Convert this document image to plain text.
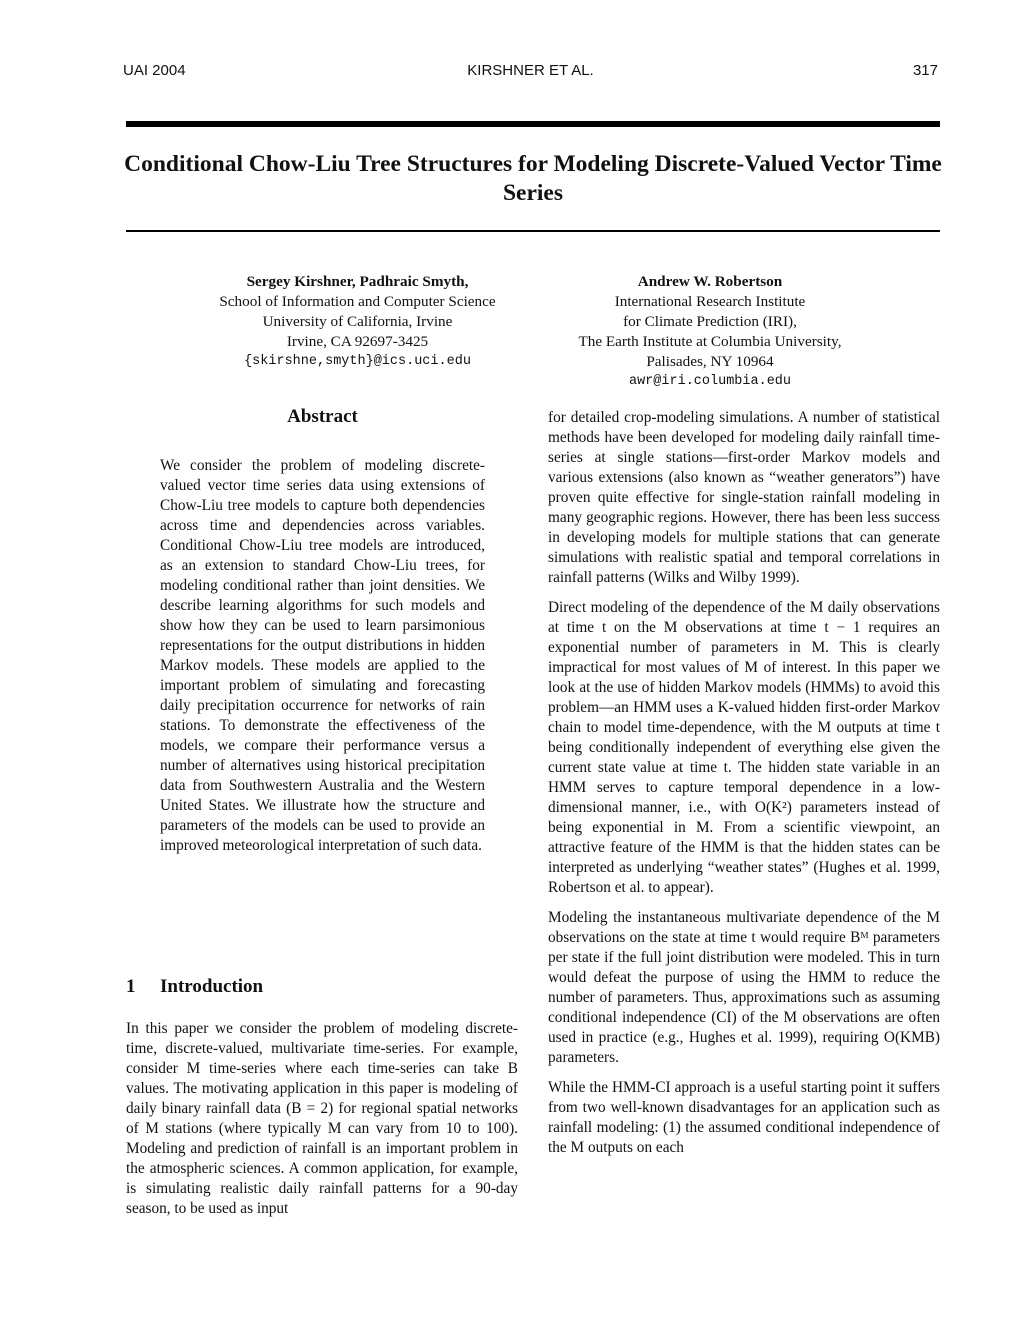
UAI 2004	KIRSHNER ET AL.	317
Conditional Chow-Liu Tree Structures for Modeling Discrete-Valued Vector Time Series
Sergey Kirshner, Padhraic Smyth,
School of Information and Computer Science
University of California, Irvine
Irvine, CA 92697-3425
{skirshne,smyth}@ics.uci.edu
Andrew W. Robertson
International Research Institute
for Climate Prediction (IRI),
The Earth Institute at Columbia University,
Palisades, NY 10964
awr@iri.columbia.edu
Abstract

We consider the problem of modeling discrete-valued vector time series data using extensions of Chow-Liu tree models to capture both dependencies across time and dependencies across variables. Conditional Chow-Liu tree models are introduced, as an extension to standard Chow-Liu trees, for modeling conditional rather than joint densities. We describe learning algorithms for such models and show how they can be used to learn parsimonious representations for the output distributions in hidden Markov models. These models are applied to the important problem of simulating and forecasting daily precipitation occurrence for networks of rain stations. To demonstrate the effectiveness of the models, we compare their performance versus a number of alternatives using historical precipitation data from Southwestern Australia and the Western United States. We illustrate how the structure and parameters of the models can be used to provide an improved meteorological interpretation of such data.

1 Introduction

In this paper we consider the problem of modeling discrete-time, discrete-valued, multivariate time-series. For example, consider M time-series where each time-series can take B values. The motivating application in this paper is modeling of daily binary rainfall data (B = 2) for regional spatial networks of M stations (where typically M can vary from 10 to 100). Modeling and prediction of rainfall is an important problem in the atmospheric sciences. A common application, for example, is simulating realistic daily rainfall patterns for a 90-day season, to be used as input

for detailed crop-modeling simulations. A number of statistical methods have been developed for modeling daily rainfall time-series at single stations—first-order Markov models and various extensions (also known as “weather generators”) have proven quite effective for single-station rainfall modeling in many geographic regions. However, there has been less success in developing models for multiple stations that can generate simulations with realistic spatial and temporal correlations in rainfall patterns (Wilks and Wilby 1999).

Direct modeling of the dependence of the M daily observations at time t on the M observations at time t − 1 requires an exponential number of parameters in M. This is clearly impractical for most values of M of interest. In this paper we look at the use of hidden Markov models (HMMs) to avoid this problem—an HMM uses a K-valued hidden first-order Markov chain to model time-dependence, with the M outputs at time t being conditionally independent of everything else given the current state value at time t. The hidden state variable in an HMM serves to capture temporal dependence in a low-dimensional manner, i.e., with O(K²) parameters instead of being exponential in M. From a scientific viewpoint, an attractive feature of the HMM is that the hidden states can be interpreted as underlying “weather states” (Hughes et al. 1999, Robertson et al. to appear).

Modeling the instantaneous multivariate dependence of the M observations on the state at time t would require Bᴹ parameters per state if the full joint distribution were modeled. This in turn would defeat the purpose of using the HMM to reduce the number of parameters. Thus, approximations such as assuming conditional independence (CI) of the M observations are often used in practice (e.g., Hughes et al. 1999), requiring O(KMB) parameters.

While the HMM-CI approach is a useful starting point it suffers from two well-known disadvantages for an application such as rainfall modeling: (1) the assumed conditional independence of the M outputs on each
